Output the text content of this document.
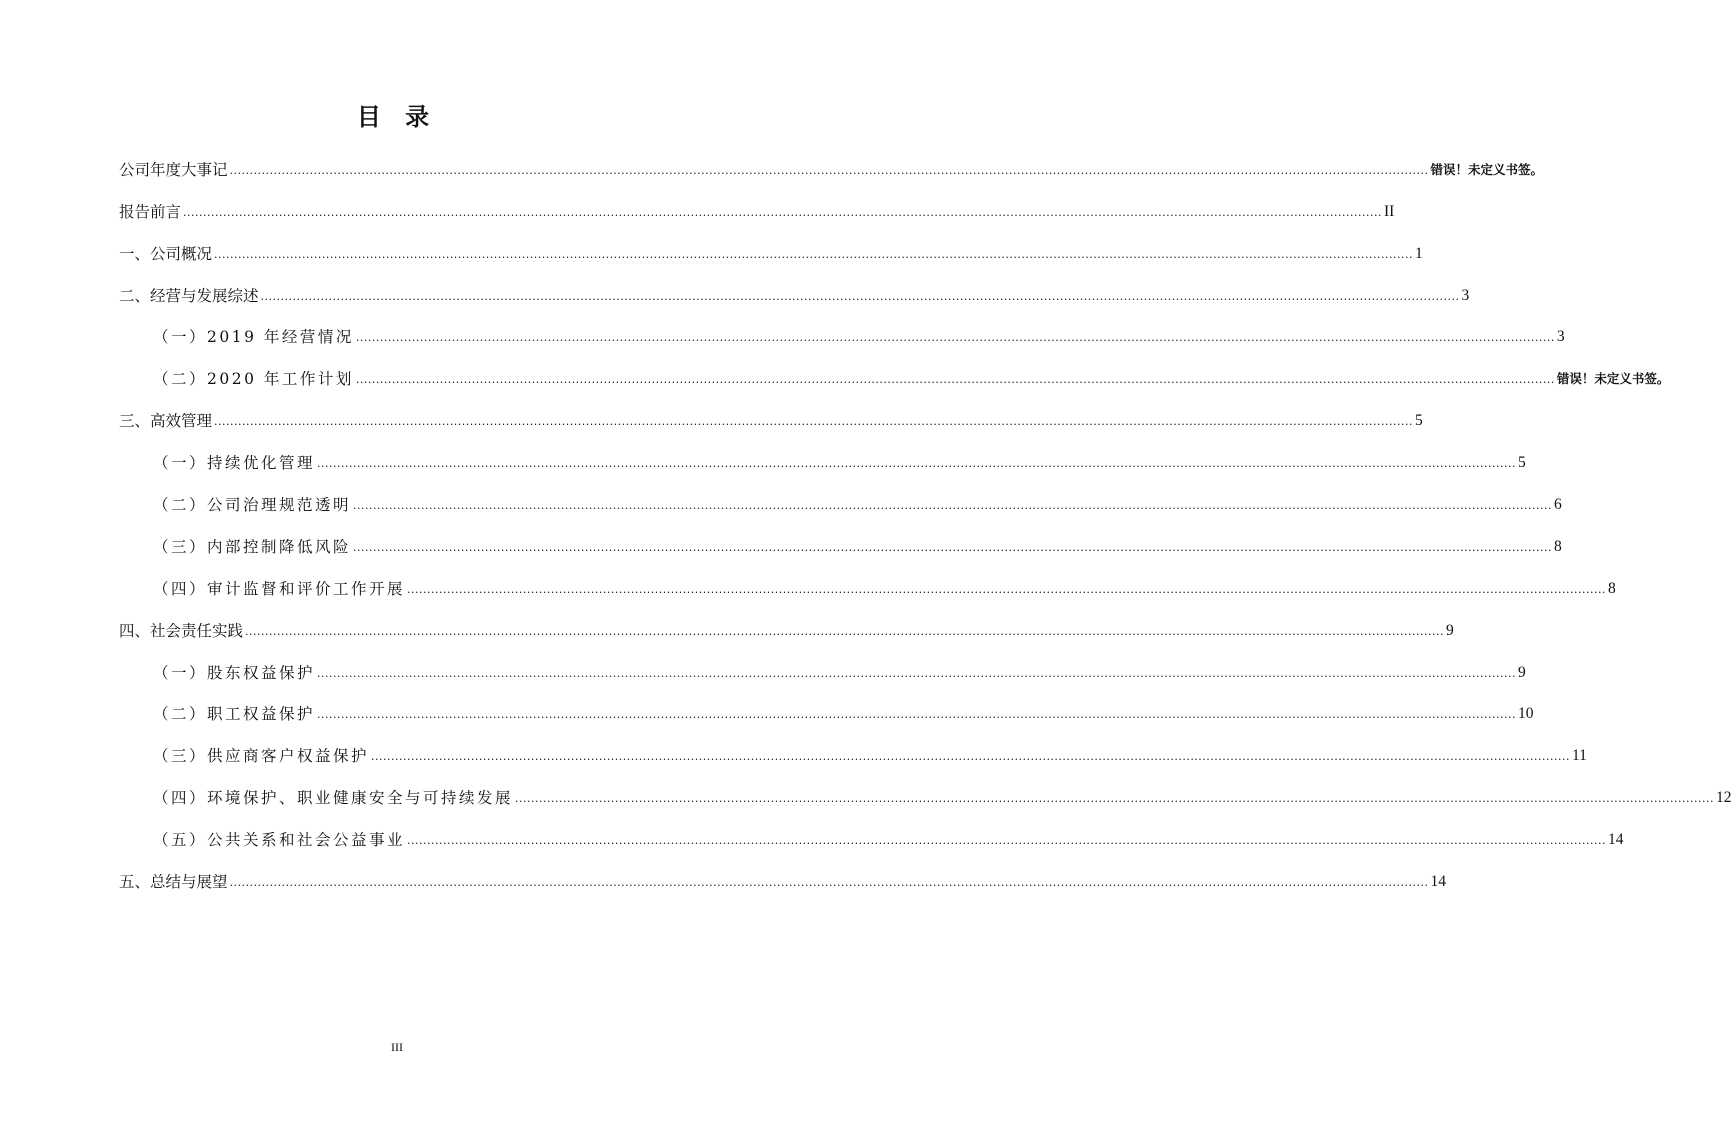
目 录
公司年度大事记 ............................................................................................................................................................................................................................................................................................................ 错误！未定义书签。
报告前言 ............................................................................................................................................................................................................................................................................................................ II
一、公司概况 ............................................................................................................................................................................................................................................................................................................ 1
二、经营与发展综述 ............................................................................................................................................................................................................................................................................................................ 3
（一）2019 年经营情况 ............................................................................................................................................................................................................................................................................................................ 3
（二）2020 年工作计划 ............................................................................................................................................................................................................................................................................................................ 错误！未定义书签。
三、高效管理 ............................................................................................................................................................................................................................................................................................................ 5
（一）持续优化管理 ............................................................................................................................................................................................................................................................................................................ 5
（二）公司治理规范透明 ............................................................................................................................................................................................................................................................................................................ 6
（三）内部控制降低风险 ............................................................................................................................................................................................................................................................................................................ 8
（四）审计监督和评价工作开展 ............................................................................................................................................................................................................................................................................................................ 8
四、社会责任实践 ............................................................................................................................................................................................................................................................................................................ 9
（一）股东权益保护 ............................................................................................................................................................................................................................................................................................................ 9
（二）职工权益保护 ............................................................................................................................................................................................................................................................................................................ 10
（三）供应商客户权益保护 ............................................................................................................................................................................................................................................................................................................ 11
（四）环境保护、职业健康安全与可持续发展 ............................................................................................................................................................................................................................................................................................................ 12
（五）公共关系和社会公益事业 ............................................................................................................................................................................................................................................................................................................ 14
五、总结与展望 ............................................................................................................................................................................................................................................................................................................ 14
III
